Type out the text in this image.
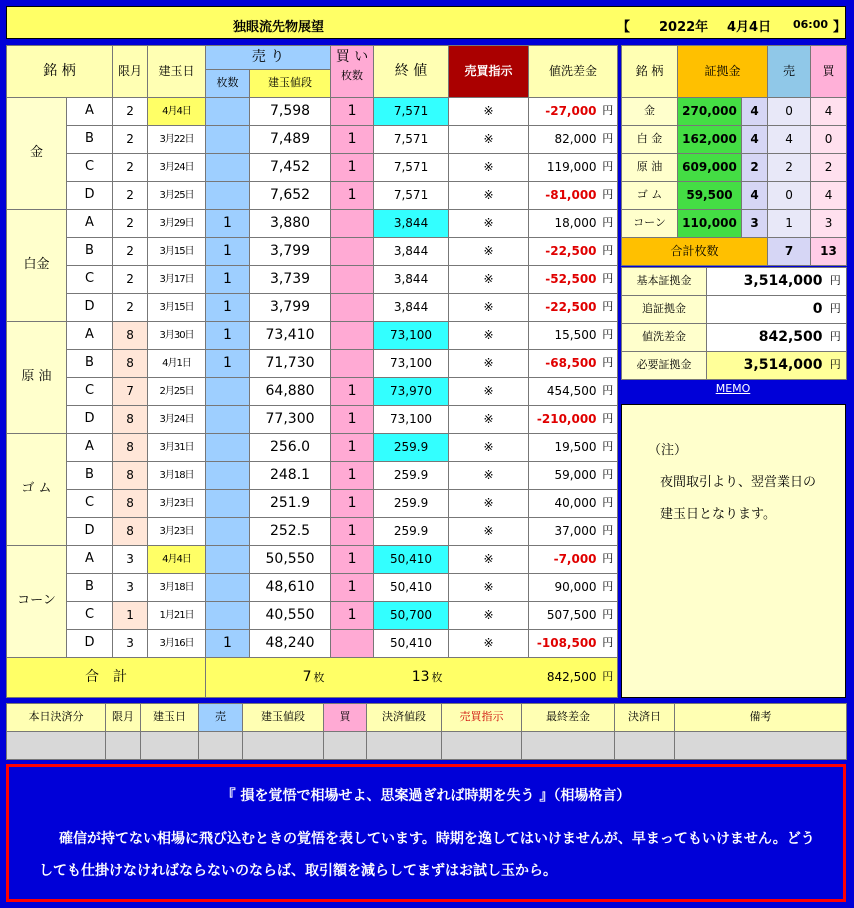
独眼流先物展望	【 2022年 4月4日 06:00 】
銘 柄		限月	建玉日	売 り		買 い
枚数	終 値	売買指示	値洗差金	
				枚数	建玉値段					
金	A	2	4月4日		7,598	1	7,571	※	-27,000	円
	B	2	3月22日		7,489	1	7,571	※	82,000	円
	C	2	3月24日		7,452	1	7,571	※	119,000	円
	D	2	3月25日		7,652	1	7,571	※	-81,000	円
白金	A	2	3月29日	1	3,880		3,844	※	18,000	円
	B	2	3月15日	1	3,799		3,844	※	-22,500	円
	C	2	3月17日	1	3,739		3,844	※	-52,500	円
	D	2	3月15日	1	3,799		3,844	※	-22,500	円
原 油	A	8	3月30日	1	73,410		73,100	※	15,500	円
	B	8	4月1日	1	71,730		73,100	※	-68,500	円
	C	7	2月25日		64,880	1	73,970	※	454,500	円
	D	8	3月24日		77,300	1	73,100	※	-210,000	円
ゴ ム	A	8	3月31日		256.0	1	259.9	※	19,500	円
	B	8	3月18日		248.1	1	259.9	※	59,000	円
	C	8	3月23日		251.9	1	259.9	※	40,000	円
	D	8	3月23日		252.5	1	259.9	※	37,000	円
コーン	A	3	4月4日		50,550	1	50,410	※	-7,000	円
	B	3	3月18日		48,610	1	50,410	※	90,000	円
	C	1	1月21日		40,550	1	50,700	※	507,500	円
	D	3	3月16日	1	48,240		50,410	※	-108,500	円
合　計				7 枚		13 枚			842,500	円
銘 柄	証拠金		売	買
金	270,000	4	0	4
白 金	162,000	4	4	0
原 油	609,000	2	2	2
ゴ ム	59,500	4	0	4
コーン	110,000	3	1	3
合計枚数			7	13
基本証拠金	3,514,000	円
追証拠金	0	円
値洗差金	842,500	円
必要証拠金	3,514,000	円
MEMO
（注）
夜間取引より、翌営業日の
建玉日となります。
本日決済分	限月	建玉日	売	建玉値段	買	決済値段	売買指示	最終差金	決済日	備考

『 損を覚悟で相場せよ、思案過ぎれば時期を失う 』（相場格言）

確信が持てない相場に飛び込むときの覚悟を表しています。時期を逸してはいけませんが、早まってもいけません。どうしても仕掛けなければならないのならば、取引額を減らしてまずはお試し玉から。
